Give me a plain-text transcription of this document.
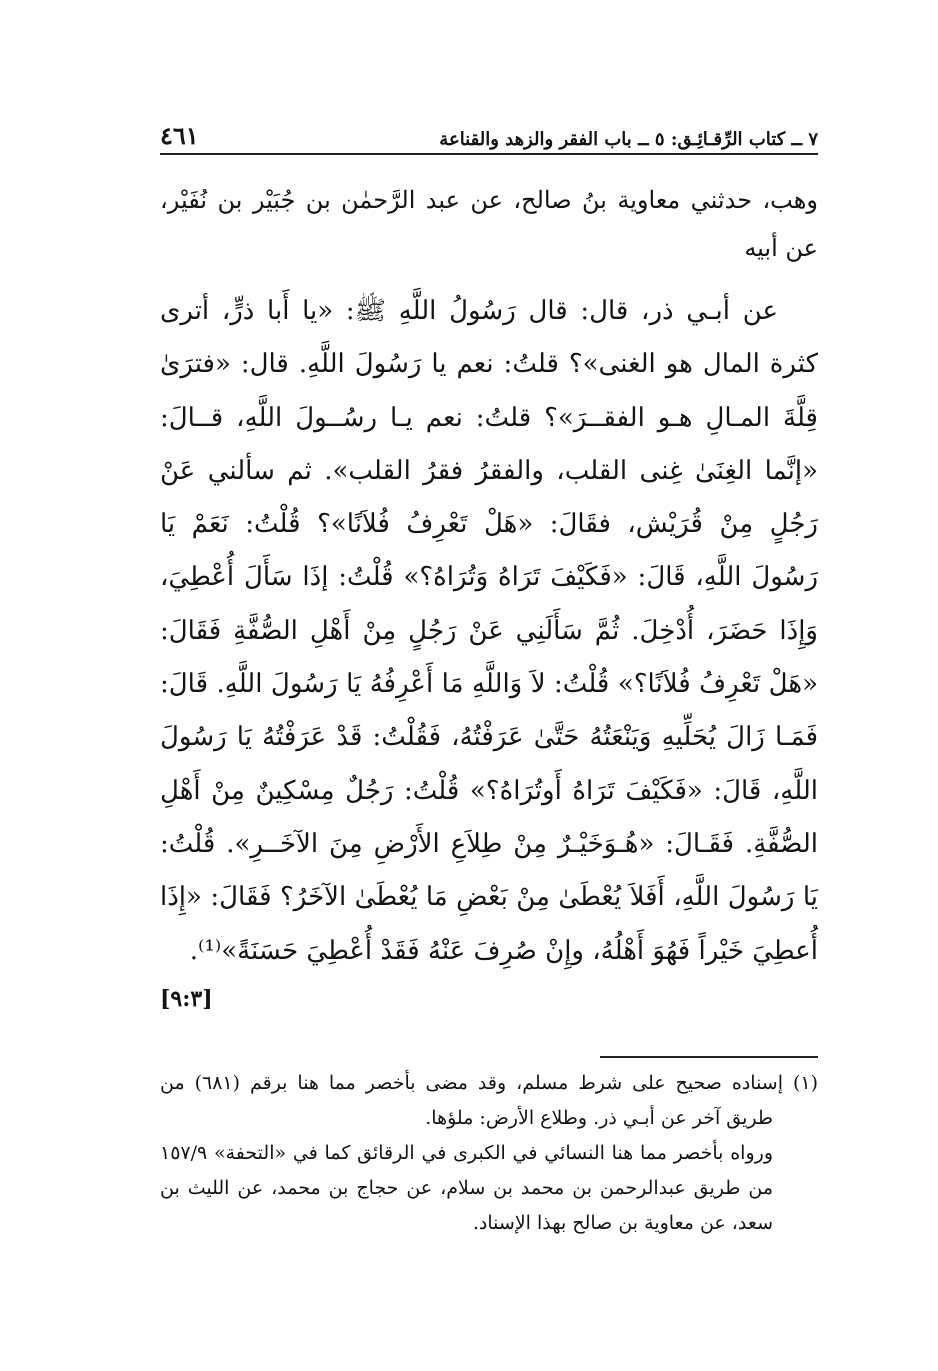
٤٦١	٧ ــ كتاب الرِّقـائِـق: ٥ ــ باب الفقر والزهد والقناعة
وهب، حدثني معاوية بنُ صالح، عن عبد الرَّحمٰن بن جُبَيْر بن نُفَيْر، عن أبيه

عن أبـي ذر، قال: قال رَسُولُ اللَّهِ ﷺ: «يا أَبا ذرٍّ، أترى كثرة المال هو الغنى»؟ قلتُ: نعم يا رَسُولَ اللَّهِ. قال: «فترَىٰ قِلَّةَ المـالِ هـو الفقــرَ»؟ قلتُ: نعم يـا رسُــولَ اللَّهِ، قــالَ: «إنَّما الغِنَىٰ غِنى القلب، والفقرُ فقرُ القلب». ثم سألني عَنْ رَجُلٍ مِنْ قُرَيْش، فقَالَ: «هَلْ تَعْرِفُ فُلاَنًا»؟ قُلْتُ: نَعَمْ يَا رَسُولَ اللَّهِ، قَالَ: «فَكَيْفَ تَرَاهُ وَتُرَاهُ؟» قُلْتُ: إذَا سَأَلَ أُعْطِيَ، وَإِذَا حَضَرَ، أُدْخِلَ. ثُمَّ سَأَلَنِي عَنْ رَجُلٍ مِنْ أَهْلِ الصُّفَّةِ فَقَالَ: «هَلْ تَعْرِفُ فُلاَنًا؟» قُلْتُ: لاَ وَاللَّهِ مَا أَعْرِفُهُ يَا رَسُولَ اللَّهِ. قَالَ: فَمَـا زَالَ يُحَلِّيهِ وَيَنْعَتُهُ حَتَّىٰ عَرَفْتُهُ، فَقُلْتُ: قَدْ عَرَفْتُهُ يَا رَسُولَ اللَّهِ، قَالَ: «فَكَيْفَ تَرَاهُ أَوتُرَاهُ؟» قُلْتُ: رَجُلٌ مِسْكِينٌ مِنْ أَهْلِ الصُّفَّةِ. فَقَـالَ: «هُـوَخَيْـرٌ مِنْ طِلاَعِ الأَرْضِ مِنَ الآخَــرِ». قُلْتُ: يَا رَسُولَ اللَّهِ، أَفَلاَ يُعْطَىٰ مِنْ بَعْضِ مَا يُعْطَىٰ الآخَرُ؟ فَقَالَ: «إِذَا أُعطِيَ خَيْراً فَهُوَ أَهْلُهُ، وإِنْ صُرِفَ عَنْهُ فَقَدْ أُعْطِيَ حَسَنَةً»⁽¹⁾.

[٩:٣]

(١) إسناده صحيح على شرط مسلم، وقد مضى بأخصر مما هنا برقم (٦٨١) من طريق آخر عن أبـي ذر. وطلاع الأرض: ملؤها.

ورواه بأخصر مما هنا النسائي في الكبرى في الرقائق كما في «التحفة» ١٥٧/٩ من طريق عبدالرحمن بن محمد بن سلام، عن حجاج بن محمد، عن الليث بن سعد، عن معاوية بن صالح بهذا الإسناد.
